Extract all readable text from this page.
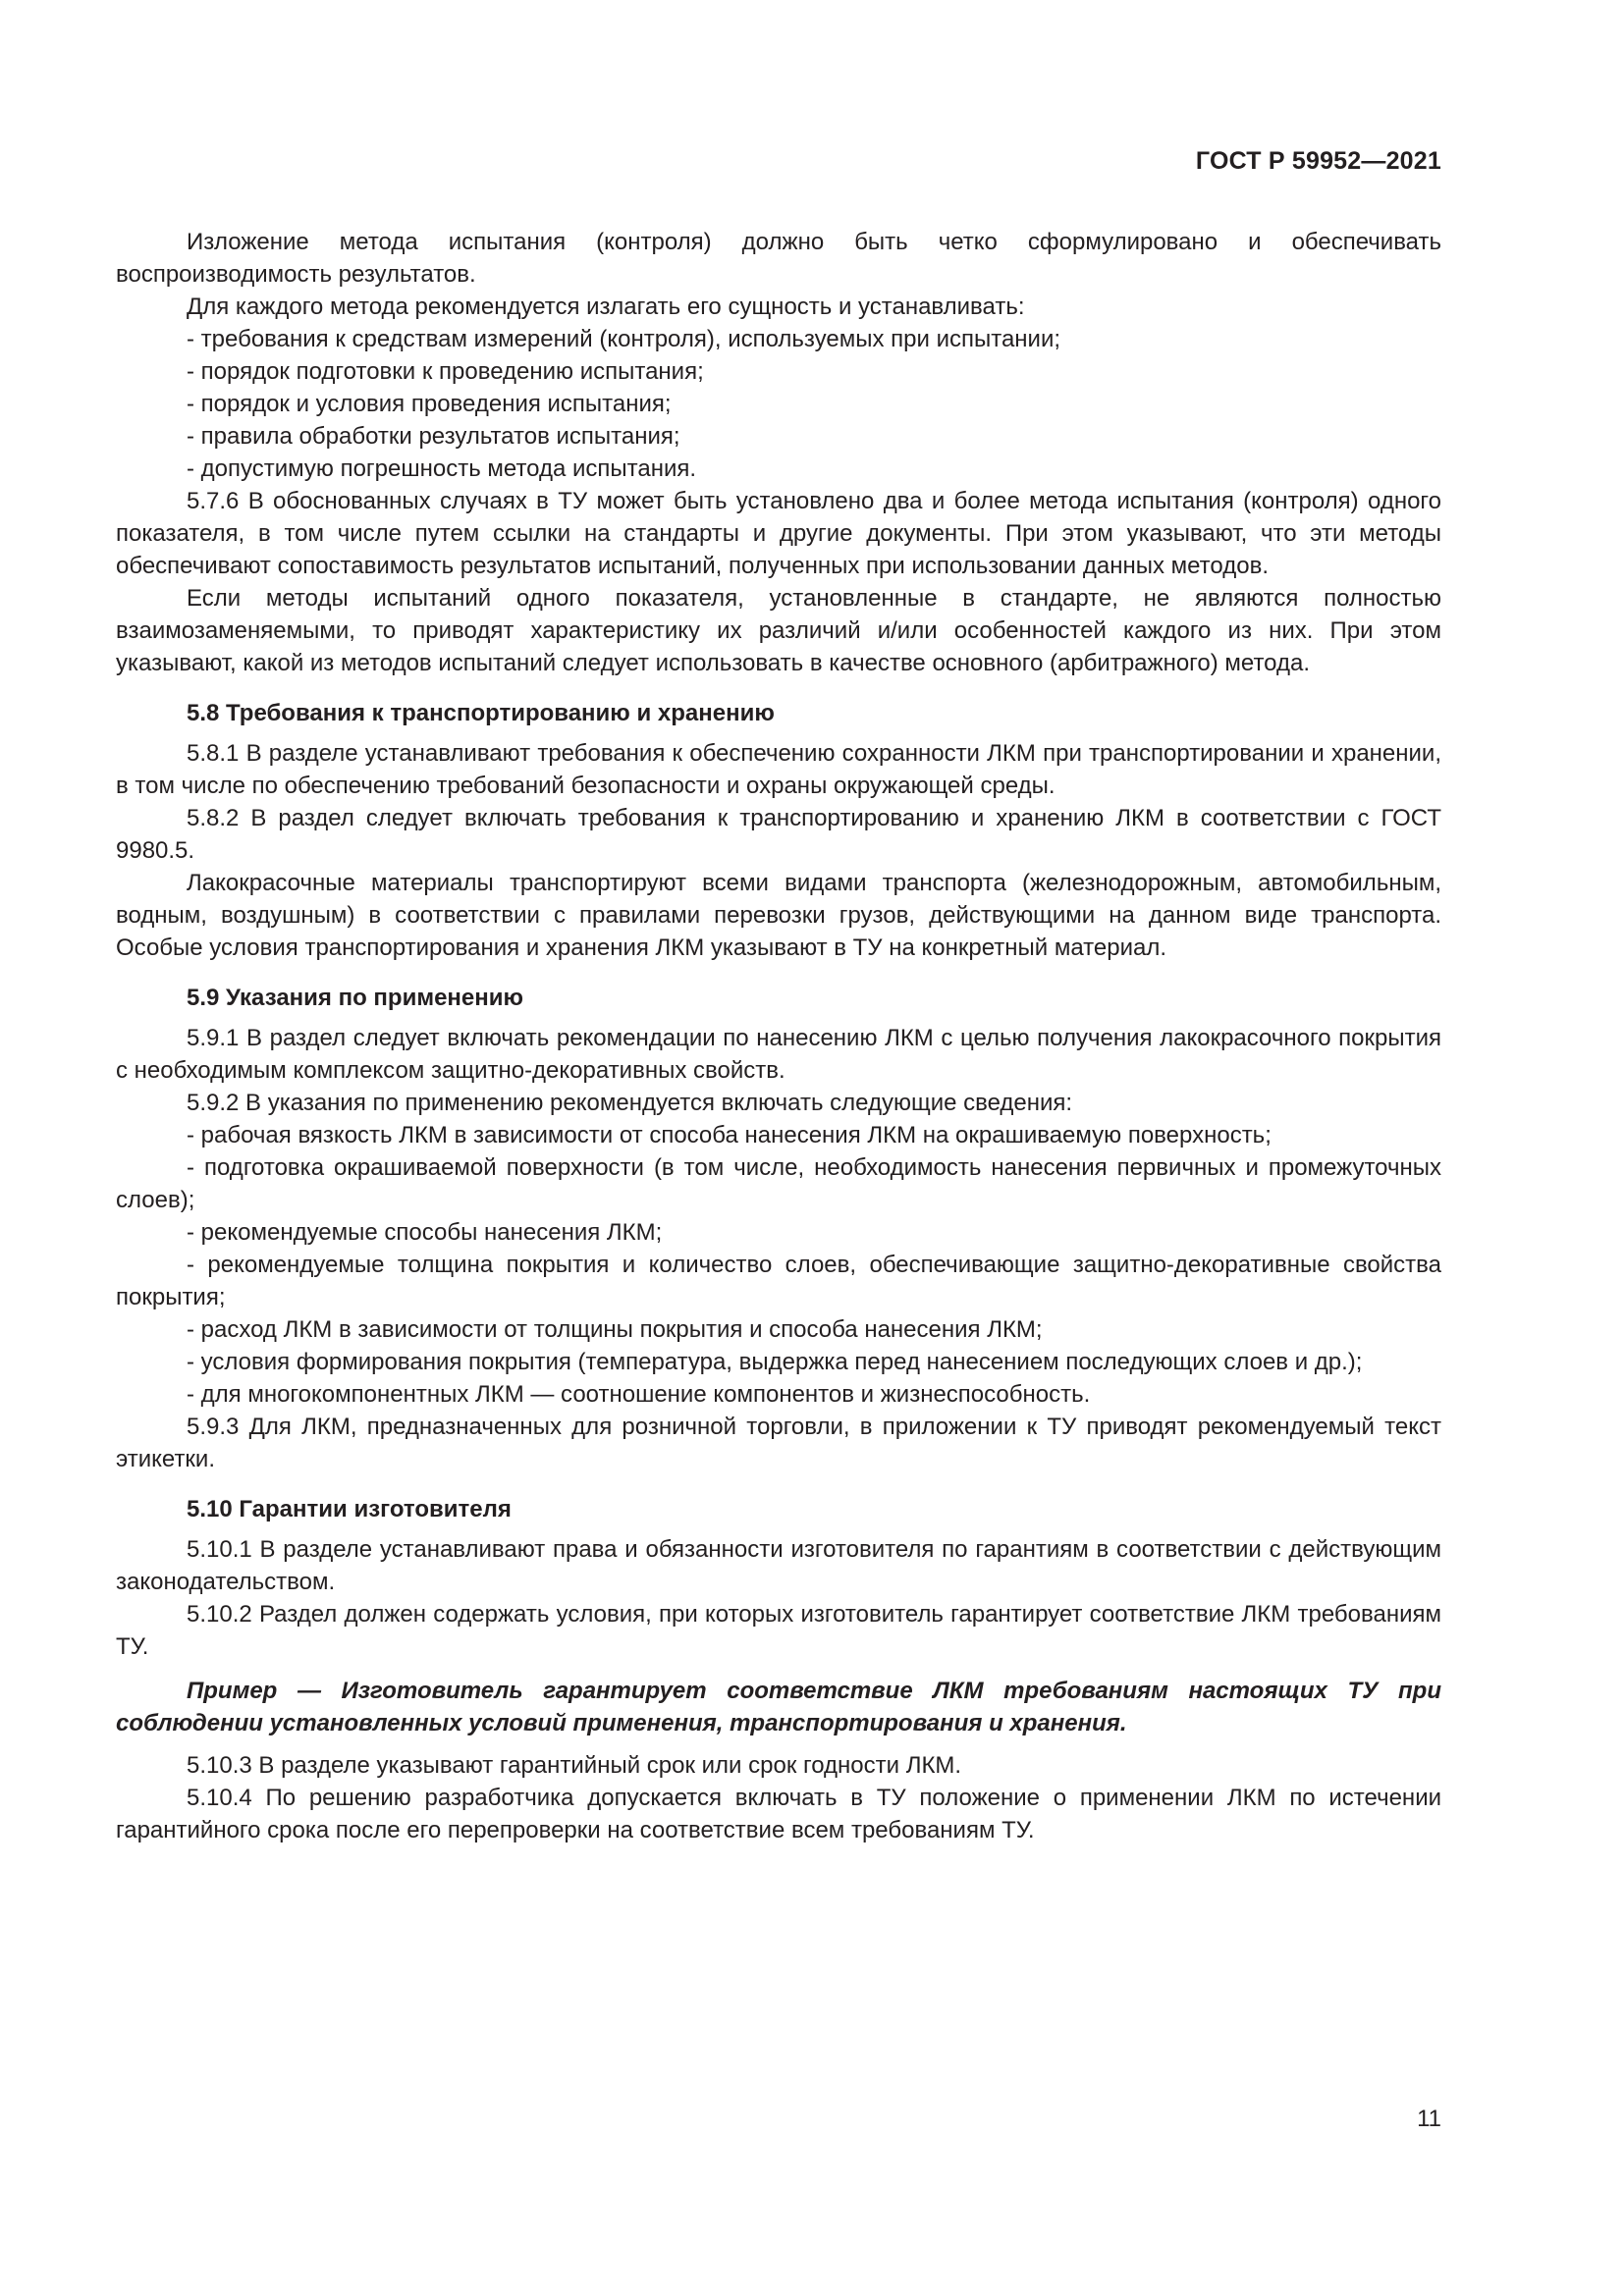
ГОСТ Р 59952—2021

Изложение метода испытания (контроля) должно быть четко сформулировано и обеспечивать воспроизводимость результатов.

Для каждого метода рекомендуется излагать его сущность и устанавливать:

- требования к средствам измерений (контроля), используемых при испытании;

- порядок подготовки к проведению испытания;

- порядок и условия проведения испытания;

- правила обработки результатов испытания;

- допустимую погрешность метода испытания.

5.7.6 В обоснованных случаях в ТУ может быть установлено два и более метода испытания (контроля) одного показателя, в том числе путем ссылки на стандарты и другие документы. При этом указывают, что эти методы обеспечивают сопоставимость результатов испытаний, полученных при использовании данных методов.

Если методы испытаний одного показателя, установленные в стандарте, не являются полностью взаимозаменяемыми, то приводят характеристику их различий и/или особенностей каждого из них. При этом указывают, какой из методов испытаний следует использовать в качестве основного (арбитражного) метода.

5.8 Требования к транспортированию и хранению

5.8.1 В разделе устанавливают требования к обеспечению сохранности ЛКМ при транспортировании и хранении, в том числе по обеспечению требований безопасности и охраны окружающей среды.

5.8.2 В раздел следует включать требования к транспортированию и хранению ЛКМ в соответствии с ГОСТ 9980.5.

Лакокрасочные материалы транспортируют всеми видами транспорта (железнодорожным, автомобильным, водным, воздушным) в соответствии с правилами перевозки грузов, действующими на данном виде транспорта. Особые условия транспортирования и хранения ЛКМ указывают в ТУ на конкретный материал.

5.9 Указания по применению

5.9.1 В раздел следует включать рекомендации по нанесению ЛКМ с целью получения лакокрасочного покрытия с необходимым комплексом защитно-декоративных свойств.

5.9.2 В указания по применению рекомендуется включать следующие сведения:

- рабочая вязкость ЛКМ в зависимости от способа нанесения ЛКМ на окрашиваемую поверхность;

- подготовка окрашиваемой поверхности (в том числе, необходимость нанесения первичных и промежуточных слоев);

- рекомендуемые способы нанесения ЛКМ;

- рекомендуемые толщина покрытия и количество слоев, обеспечивающие защитно-декоративные свойства покрытия;

- расход ЛКМ в зависимости от толщины покрытия и способа нанесения ЛКМ;

- условия формирования покрытия (температура, выдержка перед нанесением последующих слоев и др.);

- для многокомпонентных ЛКМ — соотношение компонентов и жизнеспособность.

5.9.3 Для ЛКМ, предназначенных для розничной торговли, в приложении к ТУ приводят рекомендуемый текст этикетки.

5.10 Гарантии изготовителя

5.10.1 В разделе устанавливают права и обязанности изготовителя по гарантиям в соответствии с действующим законодательством.

5.10.2 Раздел должен содержать условия, при которых изготовитель гарантирует соответствие ЛКМ требованиям ТУ.

Пример — Изготовитель гарантирует соответствие ЛКМ требованиям настоящих ТУ при соблюдении установленных условий применения, транспортирования и хранения.

5.10.3 В разделе указывают гарантийный срок или срок годности ЛКМ.

5.10.4 По решению разработчика допускается включать в ТУ положение о применении ЛКМ по истечении гарантийного срока после его перепроверки на соответствие всем требованиям ТУ.

11
